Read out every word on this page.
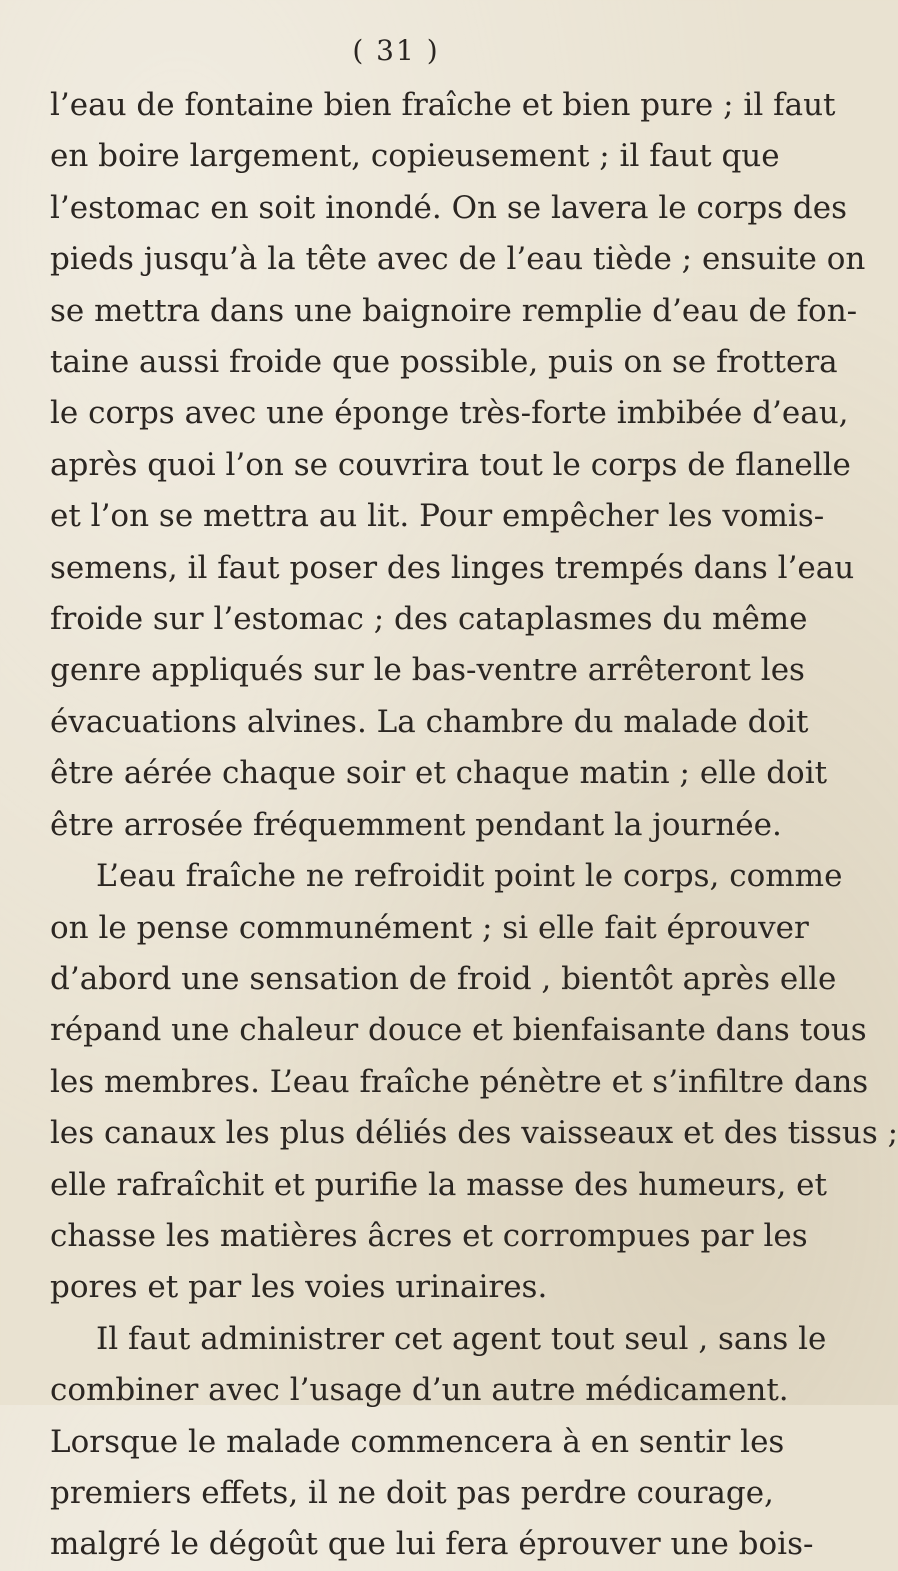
( 31 )
l’eau de fontaine bien fraîche et bien pure ; il faut
en boire largement, copieusement ; il faut que
l’estomac en soit inondé. On se lavera le corps des
pieds jusqu’à la tête avec de l’eau tiède ; ensuite on
se mettra dans une baignoire remplie d’eau de fon-
taine aussi froide que possible, puis on se frottera
le corps avec une éponge très-forte imbibée d’eau,
après quoi l’on se couvrira tout le corps de flanelle
et l’on se mettra au lit. Pour empêcher les vomis-
semens, il faut poser des linges trempés dans l’eau
froide sur l’estomac ; des cataplasmes du même
genre appliqués sur le bas-ventre arrêteront les
évacuations alvines. La chambre du malade doit
être aérée chaque soir et chaque matin ; elle doit
être arrosée fréquemment pendant la journée.
L’eau fraîche ne refroidit point le corps, comme
on le pense communément ; si elle fait éprouver
d’abord une sensation de froid , bientôt après elle
répand une chaleur douce et bienfaisante dans tous
les membres. L’eau fraîche pénètre et s’infiltre dans
les canaux les plus déliés des vaisseaux et des tissus ;
elle rafraîchit et purifie la masse des humeurs, et
chasse les matières âcres et corrompues par les
pores et par les voies urinaires.
Il faut administrer cet agent tout seul , sans le
combiner avec l’usage d’un autre médicament.
Lorsque le malade commencera à en sentir les
premiers effets, il ne doit pas perdre courage,
malgré le dégoût que lui fera éprouver une bois-
